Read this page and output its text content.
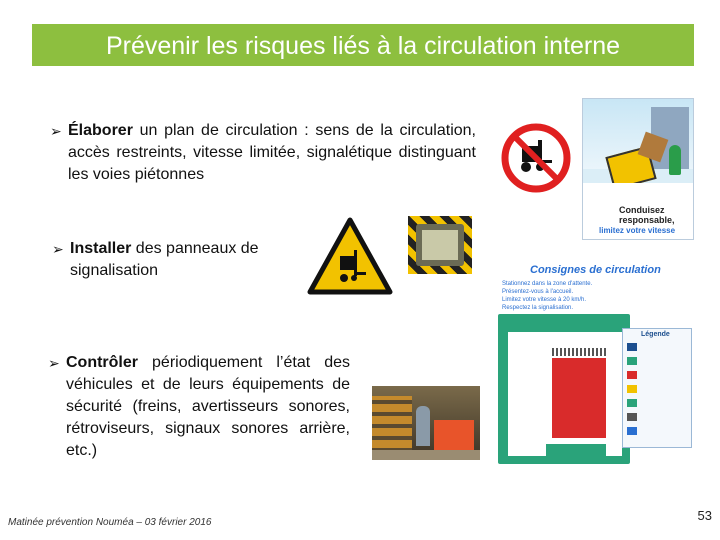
Prévenir les risques liés à la circulation interne
➢ Élaborer un plan de circulation : sens de la circulation, accès restreints, vitesse limitée, signalétique distinguant les voies piétonnes
➢ Installer des panneaux de signalisation
➢ Contrôler périodiquement l’état des véhicules et de leurs équipements de sécurité (freins, avertisseurs sonores, rétroviseurs, signaux sonores arrière, etc.)
Conduisez
responsable,
limitez votre vitesse
Consignes de circulation
Stationnez dans la zone d'attente.
Présentez-vous à l'accueil.
Limitez votre vitesse à 20 km/h.
Respectez la signalisation.
Légende
Matinée prévention Nouméa – 03 février 2016	53
